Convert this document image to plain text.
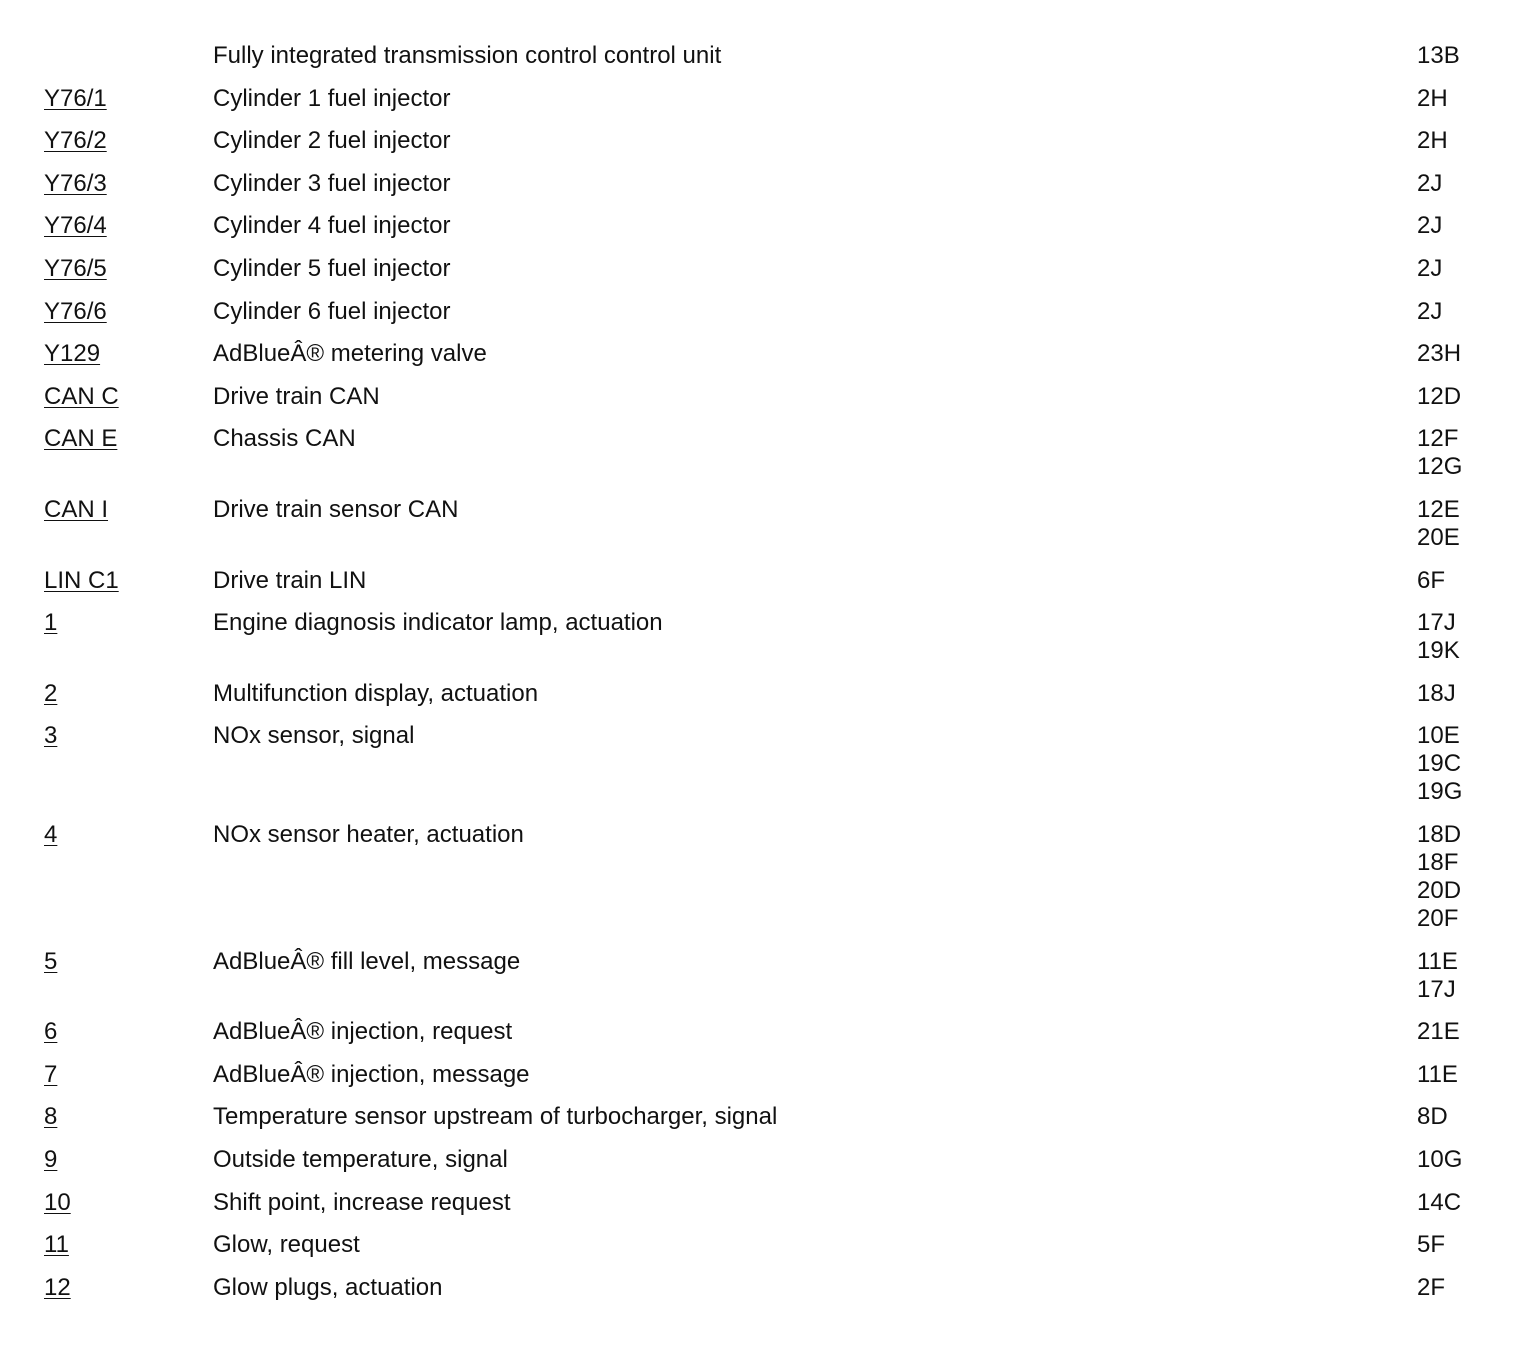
Fully integrated transmission control control unit	13B
Y76/1	Cylinder 1 fuel injector	2H
Y76/2	Cylinder 2 fuel injector	2H
Y76/3	Cylinder 3 fuel injector	2J
Y76/4	Cylinder 4 fuel injector	2J
Y76/5	Cylinder 5 fuel injector	2J
Y76/6	Cylinder 6 fuel injector	2J
Y129	AdBlueÂ® metering valve	23H
CAN C	Drive train CAN	12D
CAN E	Chassis CAN	12F
12G
CAN I	Drive train sensor CAN	12E
20E
LIN C1	Drive train LIN	6F
1	Engine diagnosis indicator lamp, actuation	17J
19K
2	Multifunction display, actuation	18J
3	NOx sensor, signal	10E
19C
19G
4	NOx sensor heater, actuation	18D
18F
20D
20F
5	AdBlueÂ® fill level, message	11E
17J
6	AdBlueÂ® injection, request	21E
7	AdBlueÂ® injection, message	11E
8	Temperature sensor upstream of turbocharger, signal	8D
9	Outside temperature, signal	10G
10	Shift point, increase request	14C
11	Glow, request	5F
12	Glow plugs, actuation	2F
